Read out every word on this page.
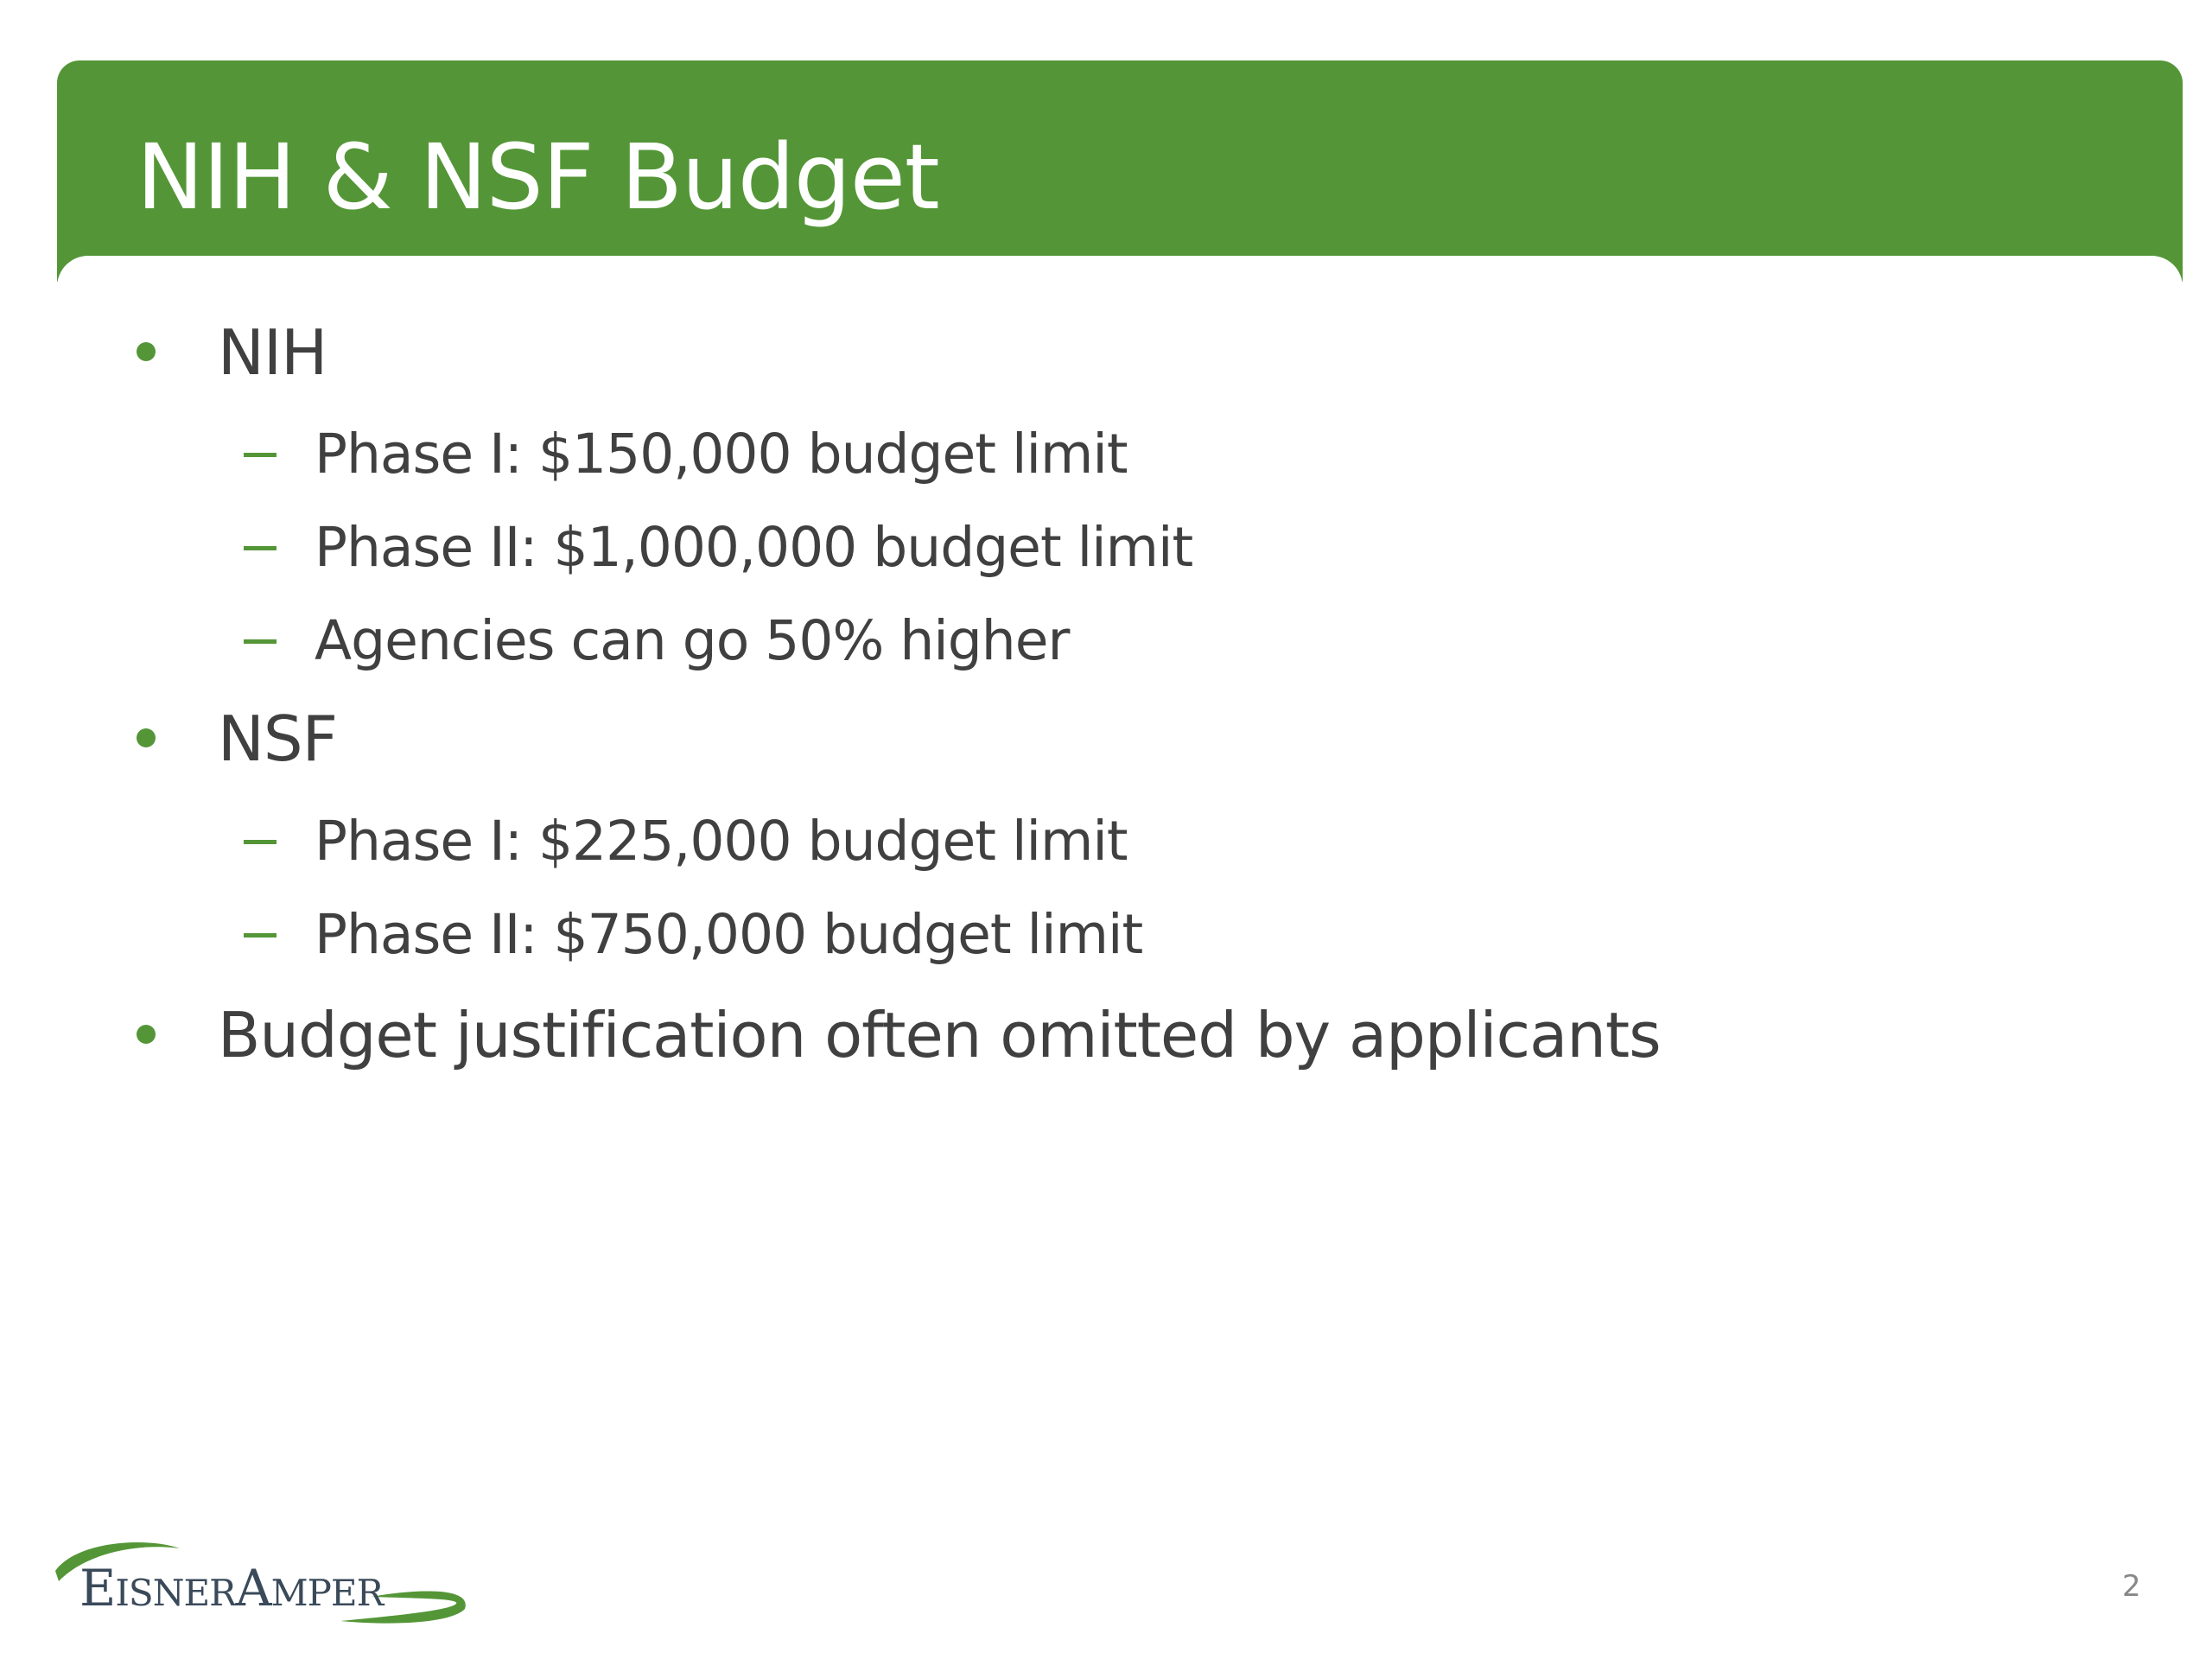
NIH & NSF Budget
NIH
Phase I: $150,000 budget limit
Phase II: $1,000,000 budget limit
Agencies can go 50% higher
NSF
Phase I: $225,000 budget limit
Phase II: $750,000 budget limit
Budget justification often omitted by applicants
EISNERAMPER	2
